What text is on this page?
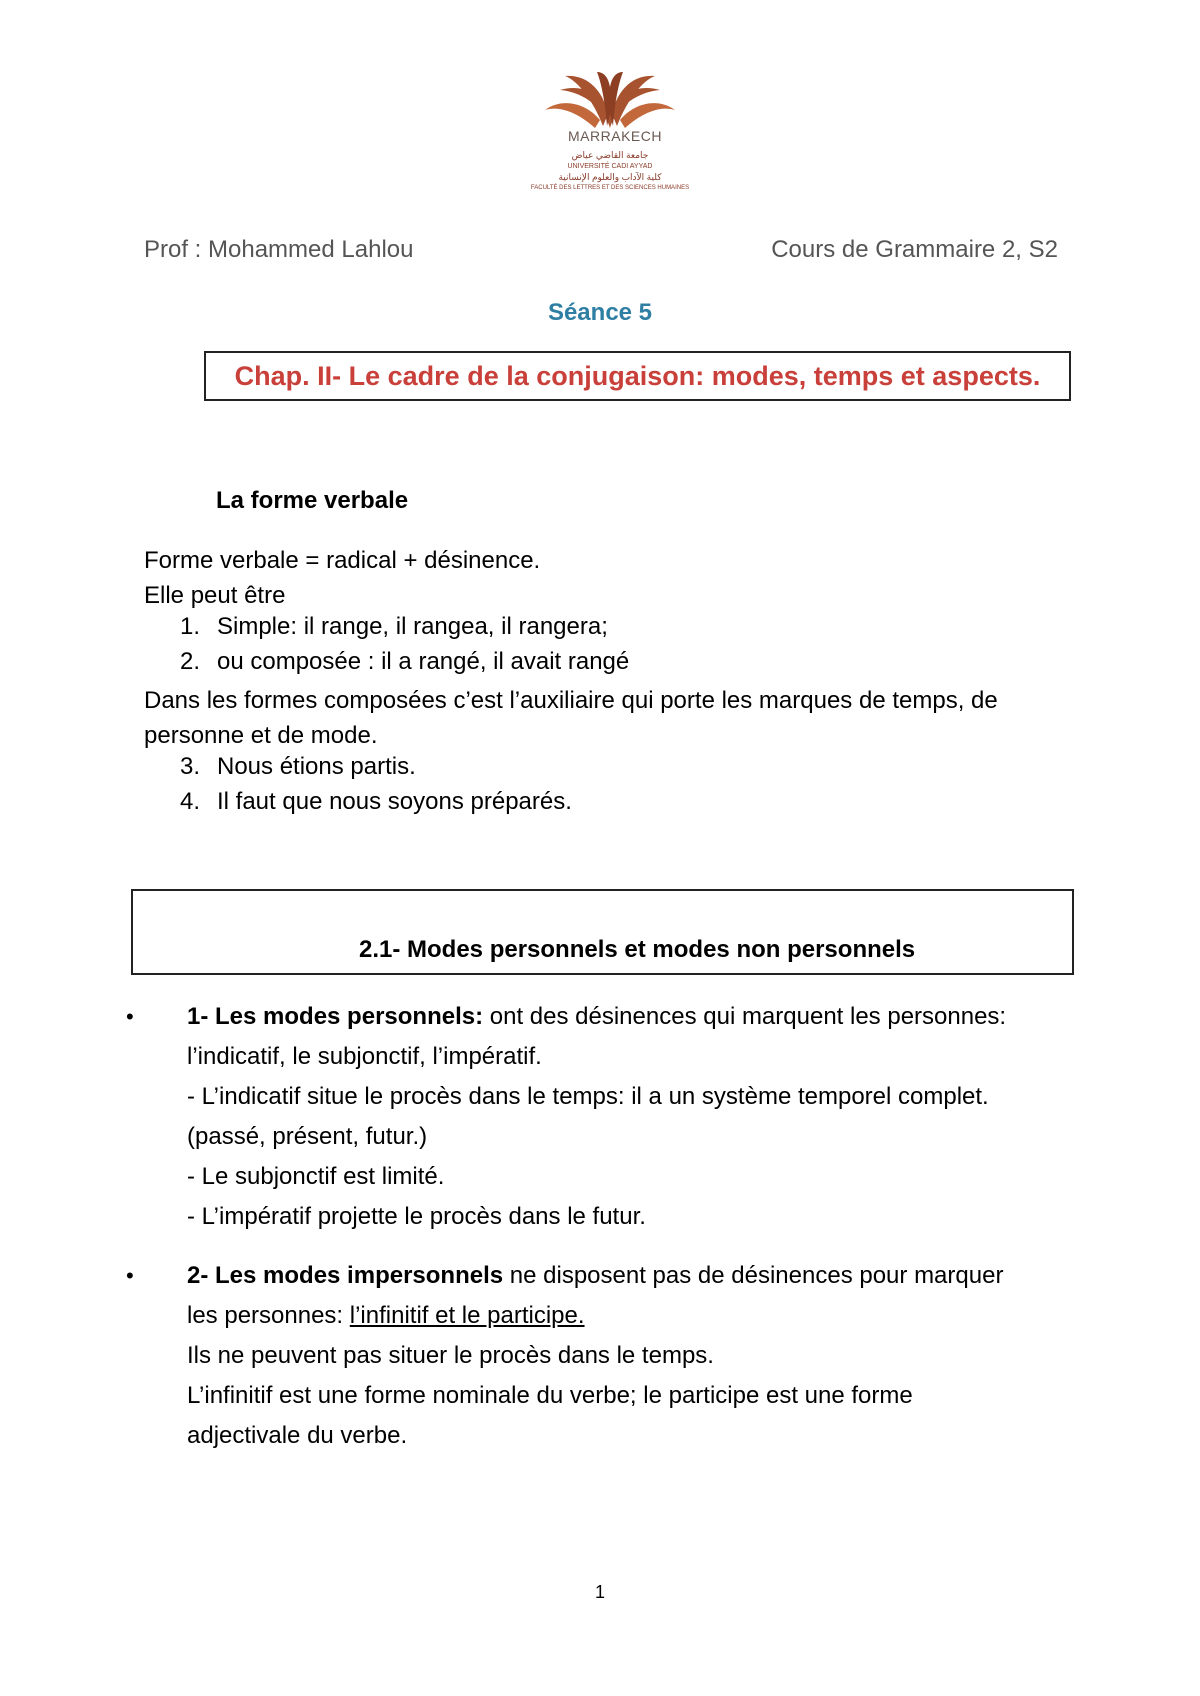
MARRAKECH
جامعة القاضي عياض
UNIVERSITÉ CADI AYYAD
كلية الآداب والعلوم الإنسانية
FACULTÉ DES LETTRES ET DES SCIENCES HUMAINES
Prof : Mohammed Lahlou	Cours de Grammaire 2, S2
Séance 5
Chap. II- Le cadre de la conjugaison: modes, temps et aspects.
La forme verbale
Forme verbale = radical + désinence.
Elle peut être
1. Simple: il range, il rangea, il rangera;
2. ou composée : il a rangé, il avait rangé
Dans les formes composées c’est l’auxiliaire qui porte les marques de temps, de
personne et de mode.
3. Nous étions partis.
4. Il faut que nous soyons préparés.
2.1- Modes personnels et modes non personnels
• 1- Les modes personnels: ont des désinences qui marquent les personnes:
l’indicatif, le subjonctif, l’impératif.
- L’indicatif situe le procès dans le temps: il a un système temporel complet.
(passé, présent, futur.)
- Le subjonctif est limité.
- L’impératif projette le procès dans le futur.
• 2- Les modes impersonnels ne disposent pas de désinences pour marquer
les personnes: l’infinitif et le participe.
Ils ne peuvent pas situer le procès dans le temps.
L’infinitif est une forme nominale du verbe; le participe est une forme
adjectivale du verbe.
1
